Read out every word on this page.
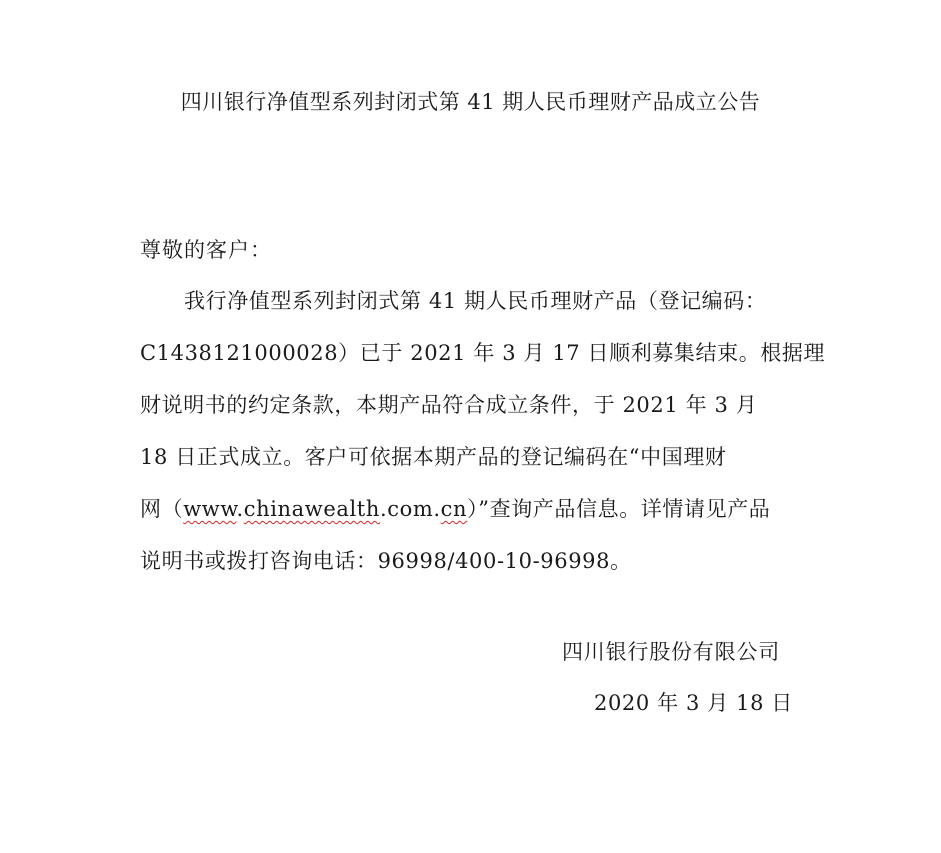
四川银行净值型系列封闭式第 41 期人民币理财产品成立公告
尊敬的客户：
我行净值型系列封闭式第 41 期人民币理财产品（登记编码：
C1438121000028）已于 2021 年 3 月 17 日顺利募集结束。根据理
财说明书的约定条款，本期产品符合成立条件，于 2021 年 3 月
18 日正式成立。客户可依据本期产品的登记编码在“中国理财
网（www.chinawealth.com.cn）”查询产品信息。详情请见产品
说明书或拨打咨询电话：96998/400-10-96998。
四川银行股份有限公司
2020 年 3 月 18 日
